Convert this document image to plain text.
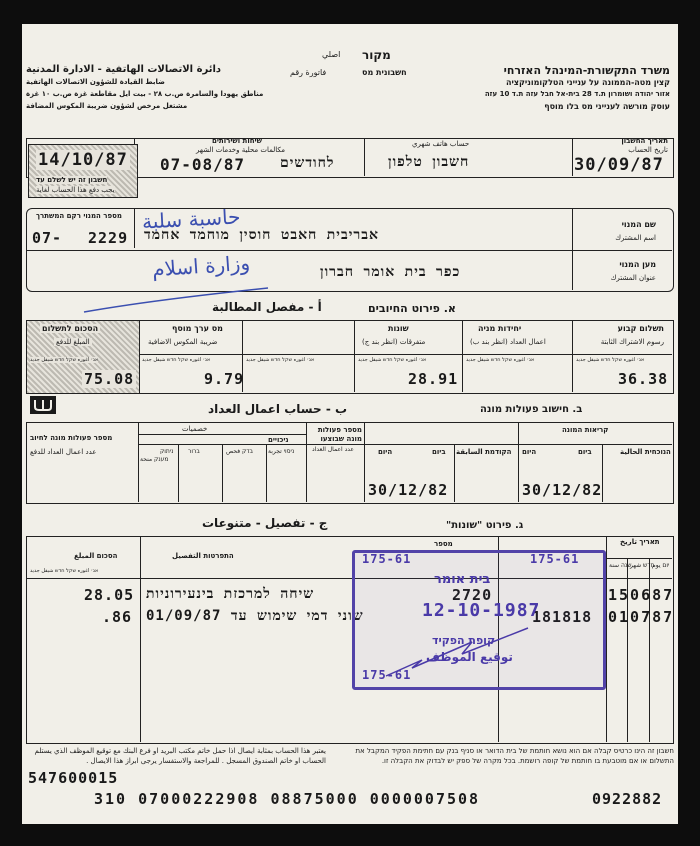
משרד התקשורת-המינהל האזרחי
קצין מטה-הממונה על ענייני הטלקומוניקציה
אזור יהודה ושומרון ת.ד 28 בית-אל חבל עזה ת.ד 10 עזה
עוסק מורשה לענייני מס בלו מוסף
دائرة الاتصالات الهاتفية - الادارة المدنية
ضابط القيادة للشؤون الاتصالات الهاتفية
مناطق يهودا والسامرة ص.ب ٢٨ - بيت ايل مقاطعة غزة ص.ب ١٠ غزة
مشتغل مرخص لشؤون ضريبة المكوس المضافة
מקור
اصلي
חשבונית מס
فاتورة رقم
תאריך החשבון
تاريخ الحساب
30/09/87
حساب هاتف شهري
חשבון טלפון
שיחות ושירותים
مكالمات محلية وخدمات الشهر
לחודשים
07-08/87
14/10/87
חשבון זה יש לשלם עד
يجب دفع هذا الحساب لغاية
שם המנוי
اسم المشترك
אבריבית חאבט חוסין מוחמד אחמד
מען המנוי
عنوان المشترك
כפר בית אומר חברון
מספר המנוי רקם המשתרך
07- 2229
حاسبة سلبة
وزارة اسلام
א. פירוט החיובים
أ - مفصل المطالبة
תשלום קבוע
رسوم الاشتراك الثابتة
יחידות מניה
اعمال العداد (انظر بند ب)
שונות
متفرقات (انظر بند ج)
מס ערך מוסף
ضريبة المكوس الاضافية
הסכום לתשלום
المبلغ للدفع
אג׳ اغوره שקל חדש شيقل جديد
אג׳ اغوره שקל חדש شيقل جديد
אג׳ اغوره שקל חדש شيقل جديد
אג׳ اغوره שקל חדש شيقل جديد
אג׳ اغوره שקל חדש شيقل جديد
אג׳ اغوره שקל חדש شيقل جديد
36.38
28.91
9.79
75.08
ב. חישוב פעולות מונה
ب - حساب اعمال العداد
קריאות המונה
הנוכחית الحالية
ביום
היום
הקודמת السابقة
ביום
היום
30/12/82
30/12/82
מספר פעולות מונה שבוצעו
عدد اعمال العداد
ניכויים
خصميات
ניסוי تجربة
בדק فحص
ברור
ניתוק
מענק منحة
מספר פעולות מונה לחיוב
عدد اعمال العداد للدفع
ג. פירוט "שונות"
ج - تفصيل - متنوعات
תאריך تاريخ
יום يوم
חדש شهر
שנה سنة
מספר
התפרטות التفصيل
הסכום المبلغ
אג׳ اغوره שקל חדש شيقل جديد
150687
2720
שיחה למרכזת בינעירוניות
28.05
010787
181818
שוני דמי שימוש עד 01/09/87
.86
175-61	175-61
בית אומר
12-10-1987
קופת הפקיד
توقيع الموظف
175-61
חשבון זה הינו כרטיס קבלה אם הוא נושא חותמת של בית הדואר או סניף בנק עם חתימת הפקיד המקבל את התשלום או אם מוטבעת בו חותמת של קופה רושמת. בכל מקרה של ספק יש לבדוק את הקבלה זו.
يعتبر هذا الحساب بمثابة ايصال اذا حمل خاتم مكتب البريد او فرع البنك مع توقيع الموظف الذي يستلم الحساب او خاتم الصندوق المسجل . للمراجعة والاستفسار يرجى ابراز هذا الايصال .
547600015
310 07000222908 08875000 0000007508	0922882
